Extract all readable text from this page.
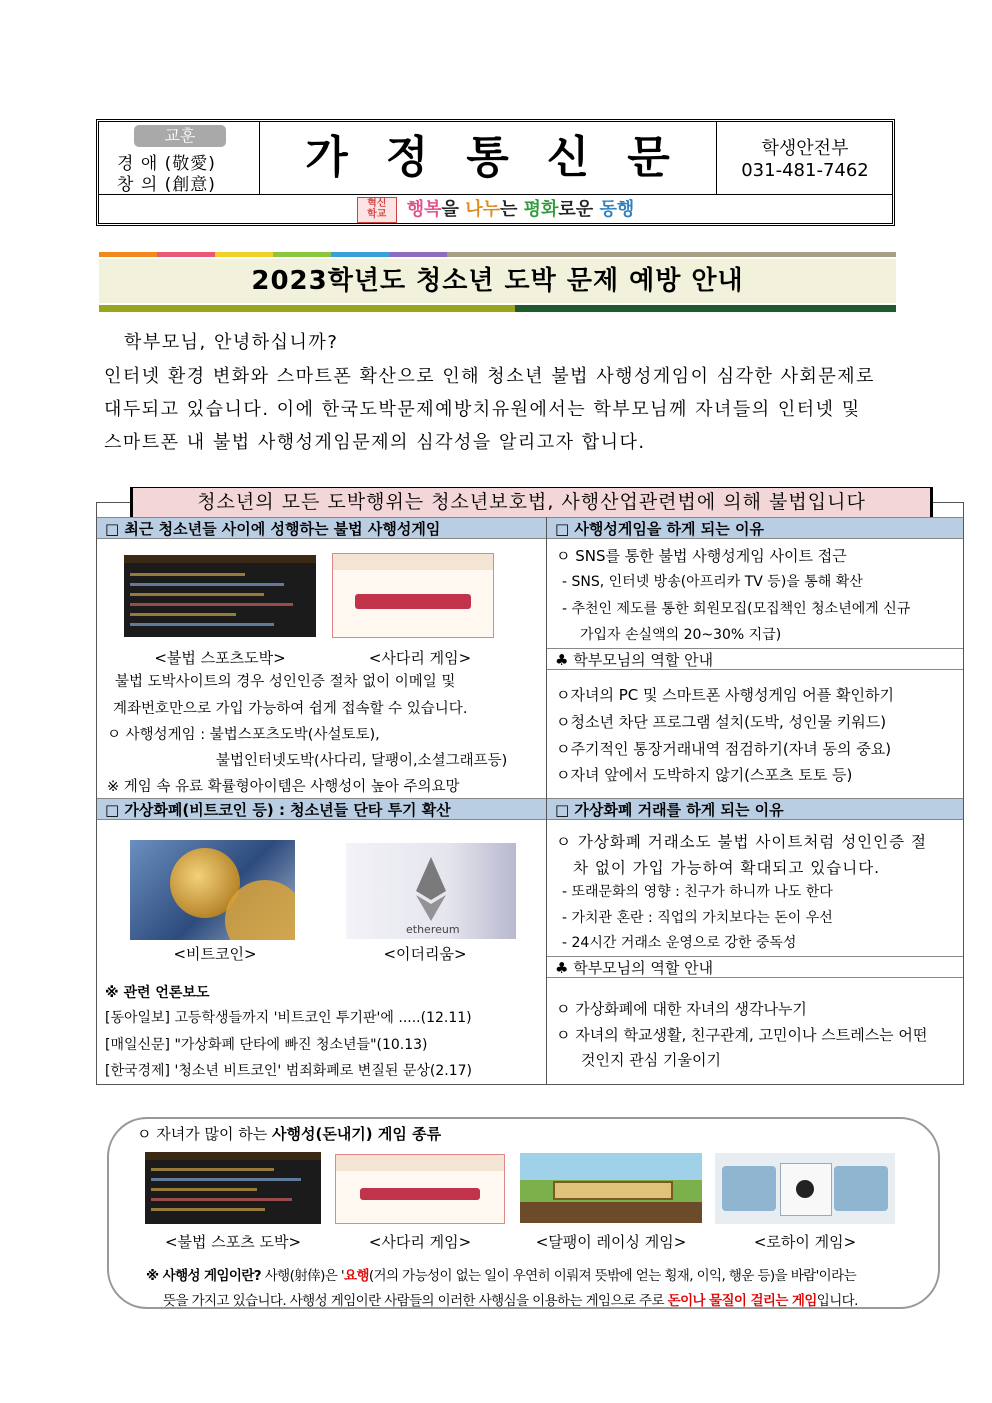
교훈
경 애 (敬愛)
창 의 (創意)
가정통신문	학생안전부
031-481-7462
혁신
학교 행복을 나누는 평화로운 동행
2023학년도 청소년 도박 문제 예방 안내
학부모님, 안녕하십니까?
인터넷 환경 변화와 스마트폰 확산으로 인해 청소년 불법 사행성게임이 심각한 사회문제로
대두되고 있습니다. 이에 한국도박문제예방치유원에서는 학부모님께 자녀들의 인터넷 및
스마트폰 내 불법 사행성게임문제의 심각성을 알리고자 합니다.
청소년의 모든 도박행위는 청소년보호법, 사행산업관련법에 의해 불법입니다
□ 최근 청소년들 사이에 성행하는 불법 사행성게임	□ 사행성게임을 하게 되는 이유
<불법 스포츠도박>	<사다리 게임>
불법 도박사이트의 경우 성인인증 절차 없이 이메일 및
계좌번호만으로 가입 가능하여 쉽게 접속할 수 있습니다.
ㅇ 사행성게임 : 불법스포츠도박(사설토토),
불법인터넷도박(사다리, 달팽이,소셜그래프등)
※ 게임 속 유료 확률형아이템은 사행성이 높아 주의요망
ㅇ SNS를 통한 불법 사행성게임 사이트 접근
- SNS, 인터넷 방송(아프리카 TV 등)을 통해 확산
- 추천인 제도를 통한 회원모집(모집책인 청소년에게 신규
가입자 손실액의 20~30% 지급)
♣ 학부모님의 역할 안내
ㅇ자녀의 PC 및 스마트폰 사행성게임 어플 확인하기
ㅇ청소년 차단 프로그램 설치(도박, 성인물 키워드)
ㅇ주기적인 통장거래내역 점검하기(자녀 동의 중요)
ㅇ자녀 앞에서 도박하지 않기(스포츠 토토 등)
□ 가상화폐(비트코인 등) : 청소년들 단타 투기 확산	□ 가상화폐 거래를 하게 되는 이유
ethereum
<비트코인>	<이더리움>
※ 관련 언론보도
[동아일보] 고등학생들까지 '비트코인 투기판'에 .....(12.11)
[매일신문] "가상화폐 단타에 빠진 청소년들"(10.13)
[한국경제] '청소년 비트코인' 범죄화폐로 변질된 문상(2.17)
ㅇ 가상화폐 거래소도 불법 사이트처럼 성인인증 절
차 없이 가입 가능하여 확대되고 있습니다.
- 또래문화의 영향 : 친구가 하니까 나도 한다
- 가치관 혼란 : 직업의 가치보다는 돈이 우선
- 24시간 거래소 운영으로 강한 중독성
♣ 학부모님의 역할 안내
ㅇ 가상화폐에 대한 자녀의 생각나누기
ㅇ 자녀의 학교생활, 친구관계, 고민이나 스트레스는 어떤
것인지 관심 기울이기
ㅇ 자녀가 많이 하는 사행성(돈내기) 게임 종류
<불법 스포츠 도박>	<사다리 게임>	<달팽이 레이싱 게임>	<로하이 게임>
※ 사행성 게임이란? 사행(射倖)은 '요행(거의 가능성이 없는 일이 우연히 이뤄져 뜻밖에 얻는 횡재, 이익, 행운 등)을 바람'이라는
뜻을 가지고 있습니다. 사행성 게임이란 사람들의 이러한 사행심을 이용하는 게임으로 주로 돈이나 물질이 걸리는 게임입니다.
